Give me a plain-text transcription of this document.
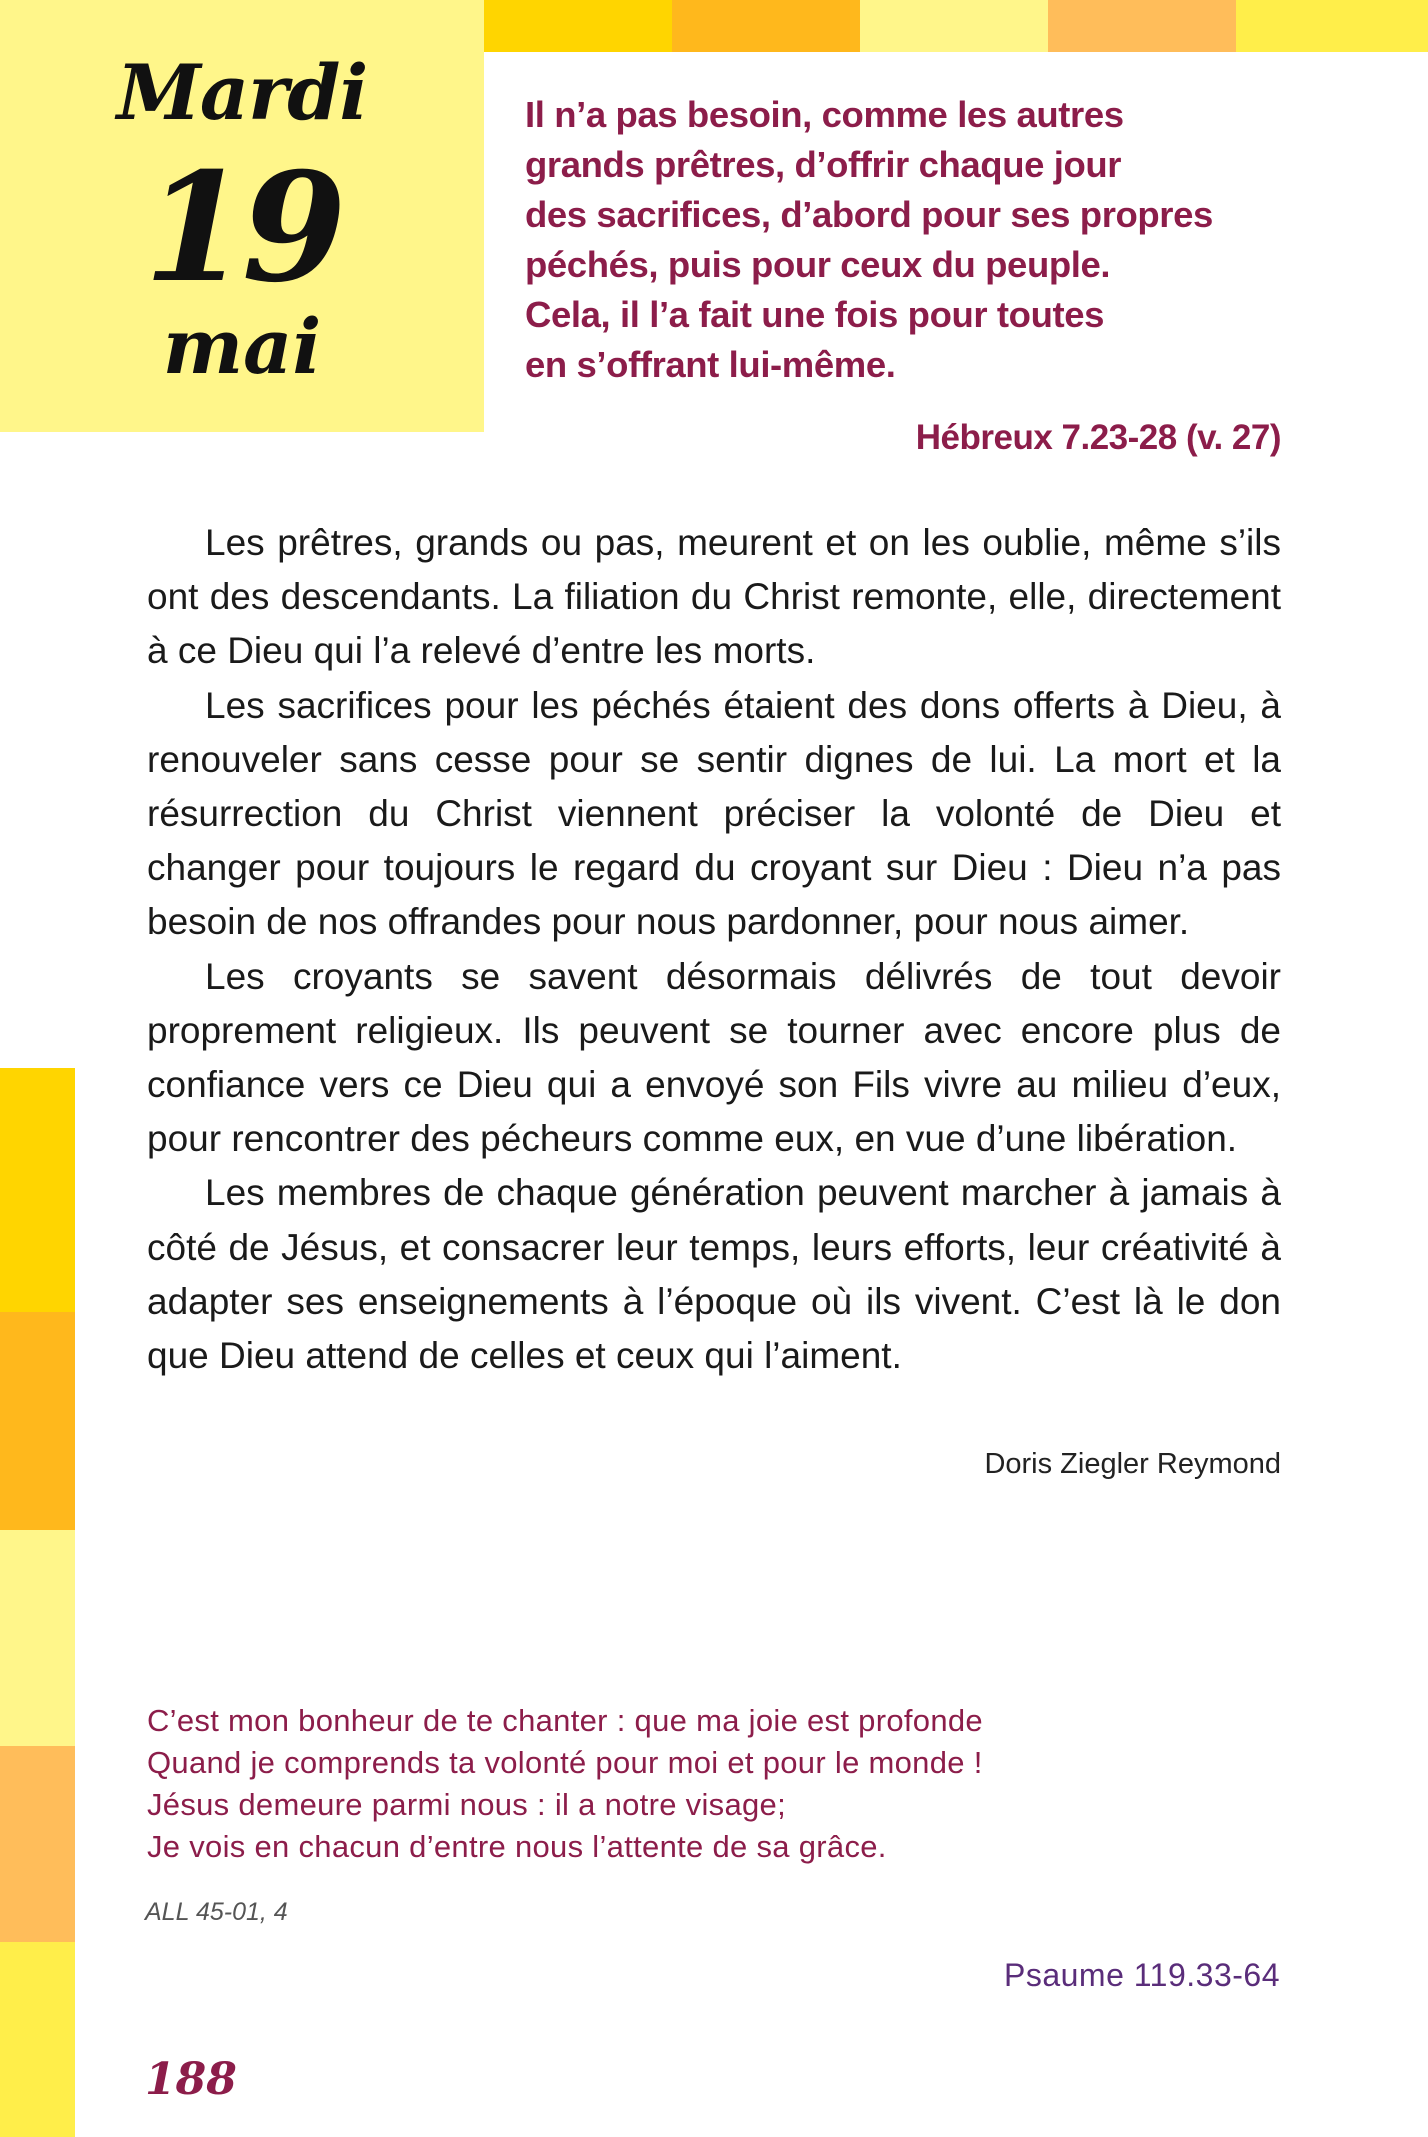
Mardi
19
mai
Il n’a pas besoin, comme les autres
grands prêtres, d’offrir chaque jour
des sacrifices, d’abord pour ses propres
péchés, puis pour ceux du peuple.
Cela, il l’a fait une fois pour toutes
en s’offrant lui-même.
Hébreux 7.23-28 (v. 27)

Les prêtres, grands ou pas, meurent et on les oublie, même s’ils ont des descendants. La filiation du Christ remonte, elle, directement à ce Dieu qui l’a relevé d’entre les morts.

Les sacrifices pour les péchés étaient des dons offerts à Dieu, à renouveler sans cesse pour se sentir dignes de lui. La mort et la résurrection du Christ viennent préciser la volonté de Dieu et changer pour toujours le regard du croyant sur Dieu : Dieu n’a pas besoin de nos offrandes pour nous pardonner, pour nous aimer.

Les croyants se savent désormais délivrés de tout devoir proprement religieux. Ils peuvent se tourner avec encore plus de confiance vers ce Dieu qui a envoyé son Fils vivre au milieu d’eux, pour rencontrer des pécheurs comme eux, en vue d’une libération.

Les membres de chaque génération peuvent marcher à jamais à côté de Jésus, et consacrer leur temps, leurs efforts, leur créativité à adapter ses enseignements à l’époque où ils vivent. C’est là le don que Dieu attend de celles et ceux qui l’aiment.

Doris Ziegler Reymond
C’est mon bonheur de te chanter : que ma joie est profonde
Quand je comprends ta volonté pour moi et pour le monde !
Jésus demeure parmi nous : il a notre visage;
Je vois en chacun d’entre nous l’attente de sa grâce.
ALL 45-01, 4
Psaume 119.33-64
188
